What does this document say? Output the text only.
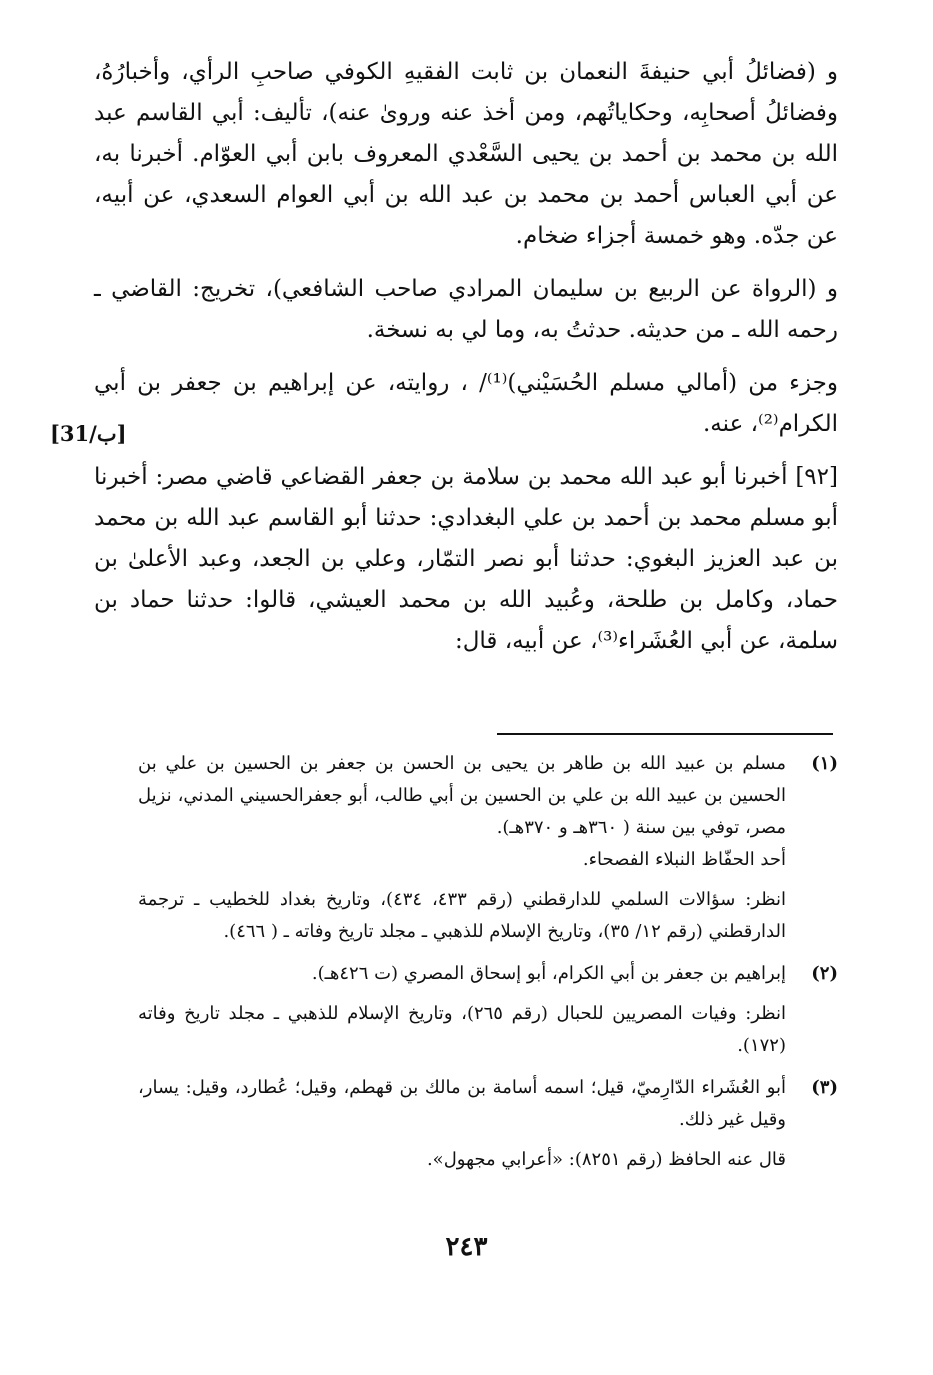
و (فضائلُ أبي حنيفةَ النعمان بن ثابت الفقيهِ الكوفي صاحبِ الرأي، وأخبارُهُ، وفضائلُ أصحابِه، وحكاياتُهم، ومن أخذ عنه وروىٰ عنه)، تأليف: أبي القاسم عبد الله بن محمد بن أحمد بن يحيى السَّعْدي المعروف بابن أبي العوّام. أخبرنا به، عن أبي العباس أحمد بن محمد بن عبد الله بن أبي العوام السعدي، عن أبيه، عن جدّه. وهو خمسة أجزاء ضخام.

و (الرواة عن الربيع بن سليمان المرادي صاحب الشافعي)، تخريج: القاضي ـ رحمه الله ـ من حديثه. حدثتُ به، وما لي به نسخة.

وجزء من (أمالي مسلم الحُسَيْني)⁽¹⁾/ ، روايته، عن إبراهيم بن جعفر بن أبي الكرام⁽²⁾، عنه.

[٩٢] أخبرنا أبو عبد الله محمد بن سلامة بن جعفر القضاعي قاضي مصر: أخبرنا أبو مسلم محمد بن أحمد بن علي البغدادي: حدثنا أبو القاسم عبد الله بن محمد بن عبد العزيز البغوي: حدثنا أبو نصر التمّار، وعلي بن الجعد، وعبد الأعلىٰ بن حماد، وكامل بن طلحة، وعُبيد الله بن محمد العيشي، قالوا: حدثنا حماد بن سلمة، عن أبي العُشَراء⁽³⁾، عن أبيه، قال:

[31/ب]
(١)

مسلم بن عبيد الله بن طاهر بن يحيى بن الحسن بن جعفر بن الحسين بن علي بن الحسين بن عبيد الله بن علي بن الحسين بن أبي طالب، أبو جعفرالحسيني المدني، نزيل مصر، توفي بين سنة ( ٣٦٠هـ و ٣٧٠هـ).

أحد الحفّاظ النبلاء الفصحاء.

انظر: سؤالات السلمي للدارقطني (رقم ٤٣٣، ٤٣٤)، وتاريخ بغداد للخطيب ـ ترجمة الدارقطني (رقم ١٢/ ٣٥)، وتاريخ الإسلام للذهبي ـ مجلد تاريخ وفاته ـ ( ٤٦٦).

(٢)

إبراهيم بن جعفر بن أبي الكرام، أبو إسحاق المصري (ت ٤٢٦هـ).

انظر: وفيات المصريين للحبال (رقم ٢٦٥)، وتاريخ الإسلام للذهبي ـ مجلد تاريخ وفاته (١٧٢).

(٣)

أبو العُشَراء الدّارِميّ، قيل؛ اسمه أسامة بن مالك بن قهطم، وقيل؛ عُطارد، وقيل: يسار، وقيل غير ذلك.

قال عنه الحافظ (رقم ٨٢٥١): «أعرابي مجهول».

٢٤٣
